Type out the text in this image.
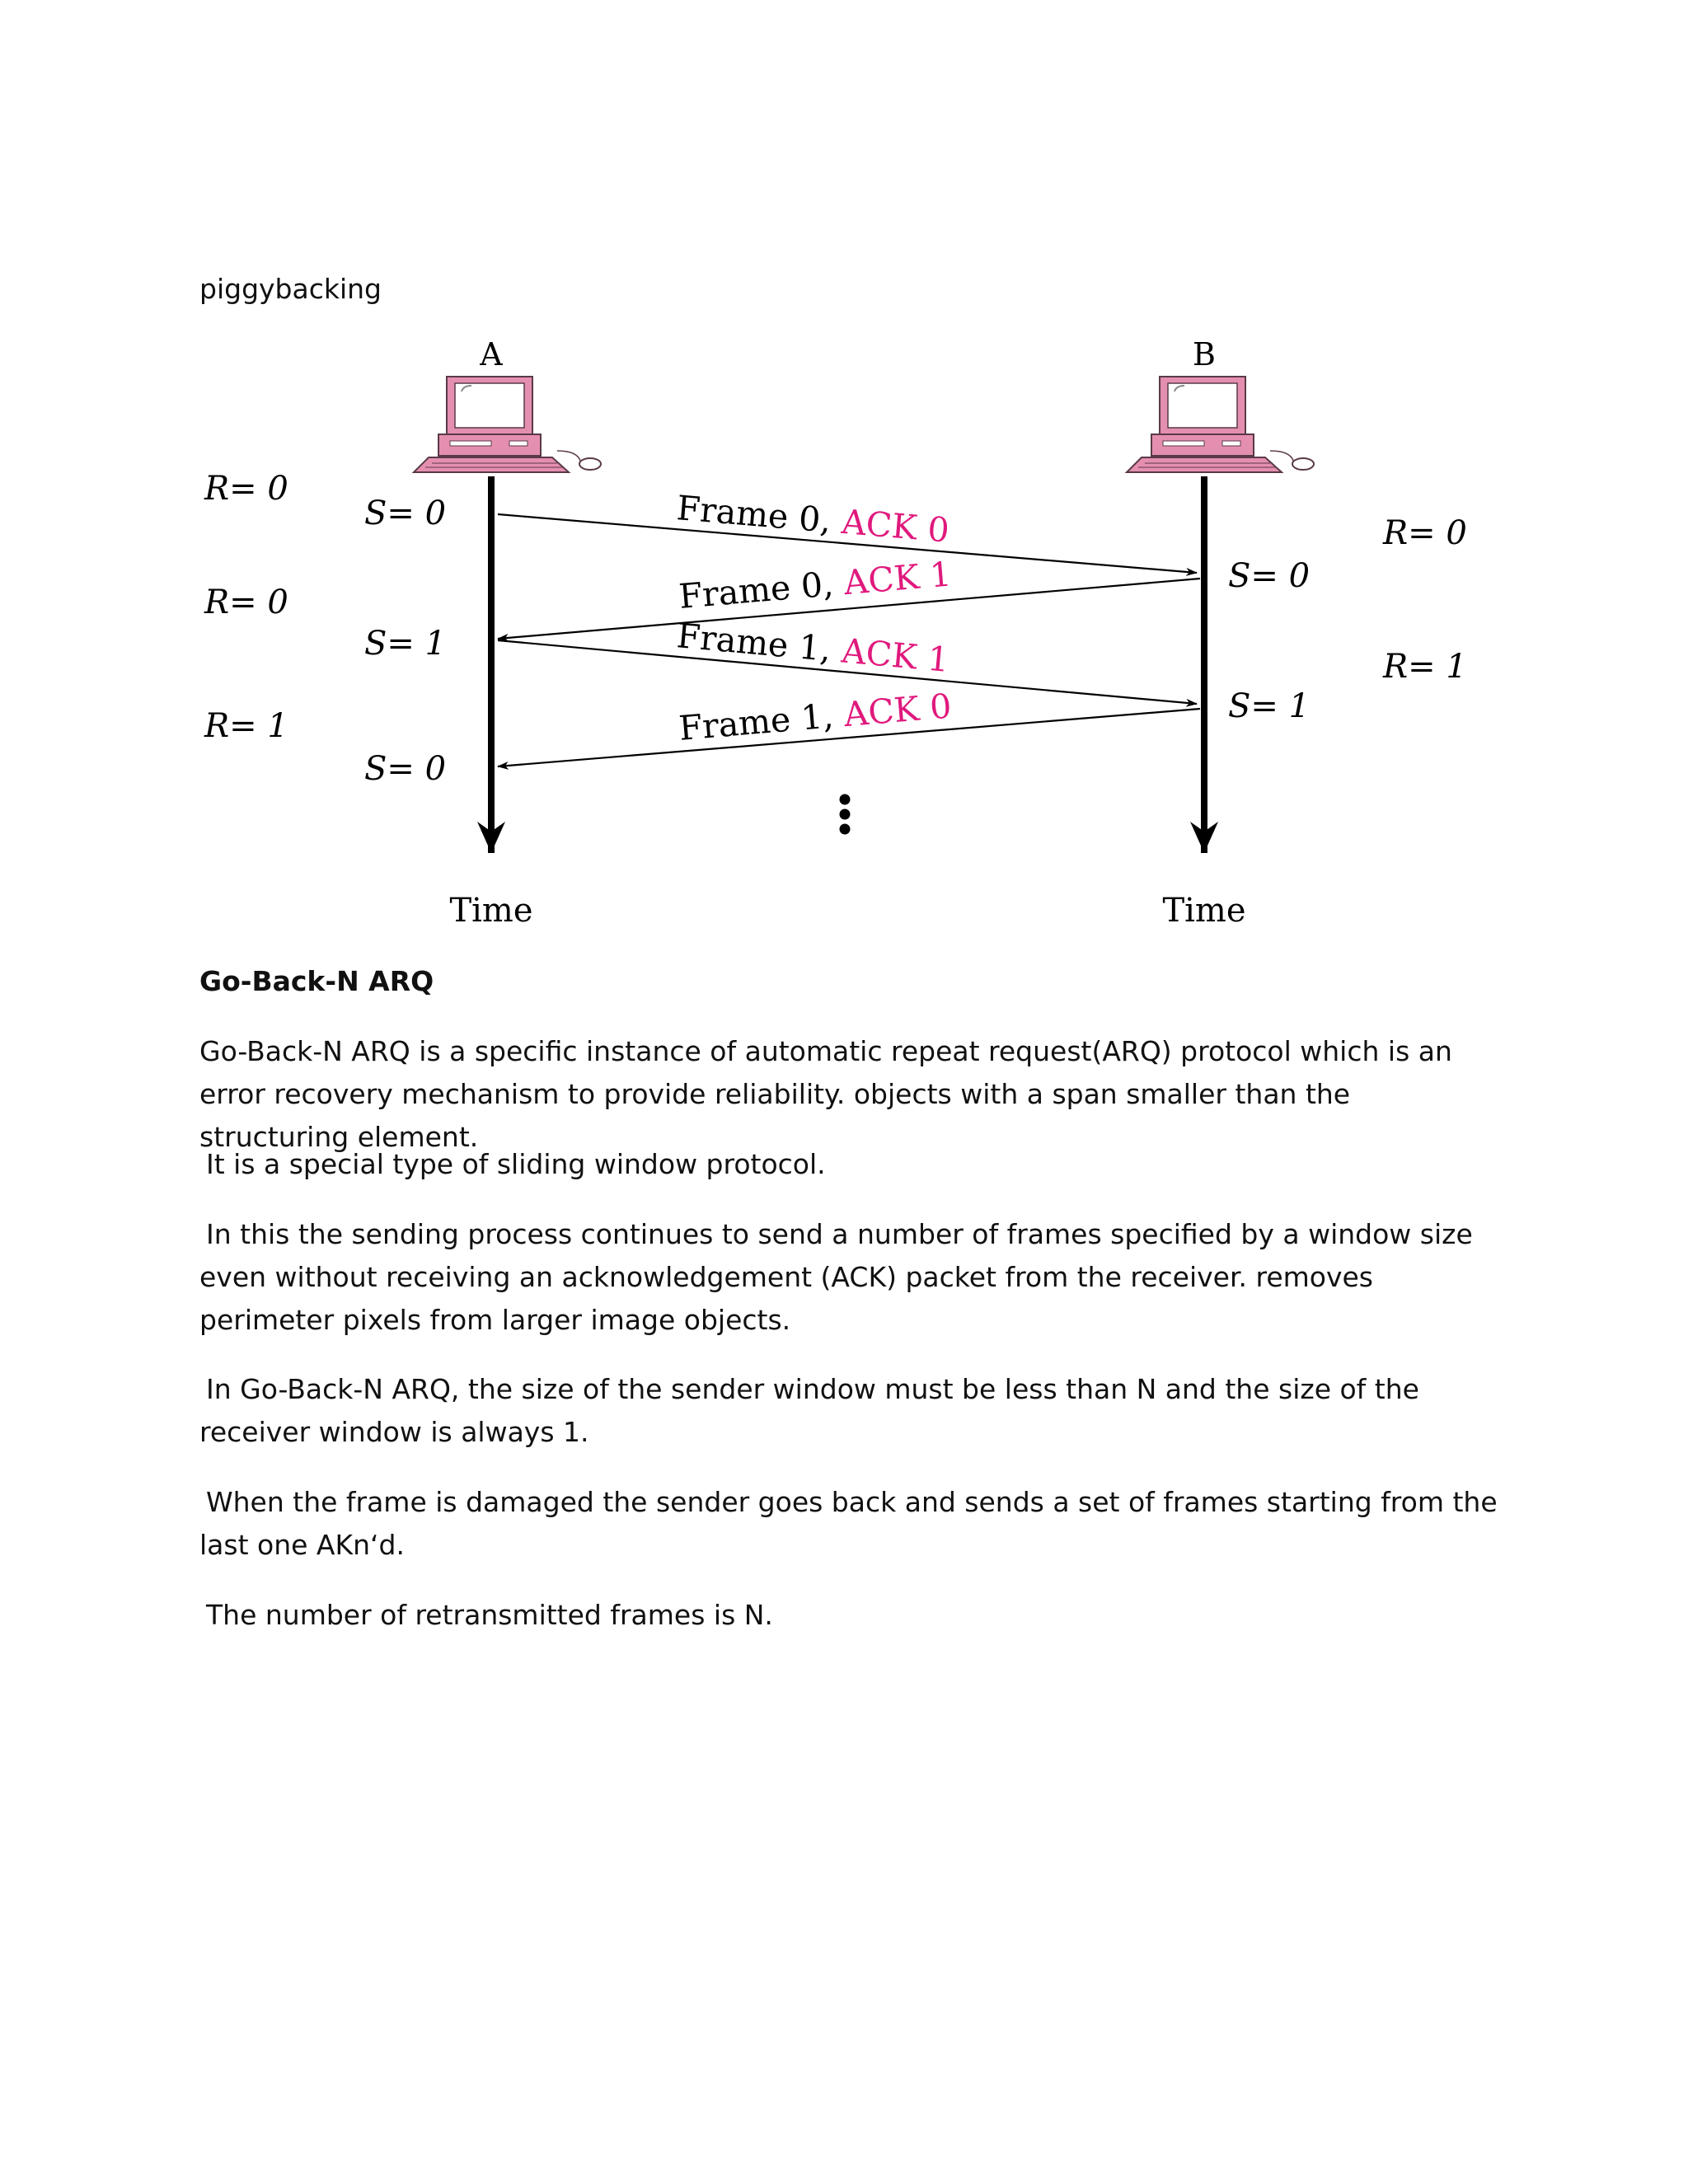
piggybacking

A	B
Frame 0, ACK 0
Frame 0, ACK 1
Frame 1, ACK 1
Frame 1, ACK 0
R= 0
S= 0
R= 0
S= 1
R= 1
S= 0
S= 0
R= 0
S= 1
R= 1
Time	Time

Go-Back-N ARQ

Go-Back-N ARQ is a specific instance of automatic repeat request(ARQ) protocol which is an error recovery mechanism to provide reliability. objects with a span smaller than the structuring element.

It is a special type of sliding window protocol.

In this the sending process continues to send a number of frames specified by a window size even without receiving an acknowledgement (ACK) packet from the receiver. removes perimeter pixels from larger image objects.

In Go-Back-N ARQ, the size of the sender window must be less than N and the size of the receiver window is always 1.

When the frame is damaged the sender goes back and sends a set of frames starting from the last one AKn‘d.

The number of retransmitted frames is N.
